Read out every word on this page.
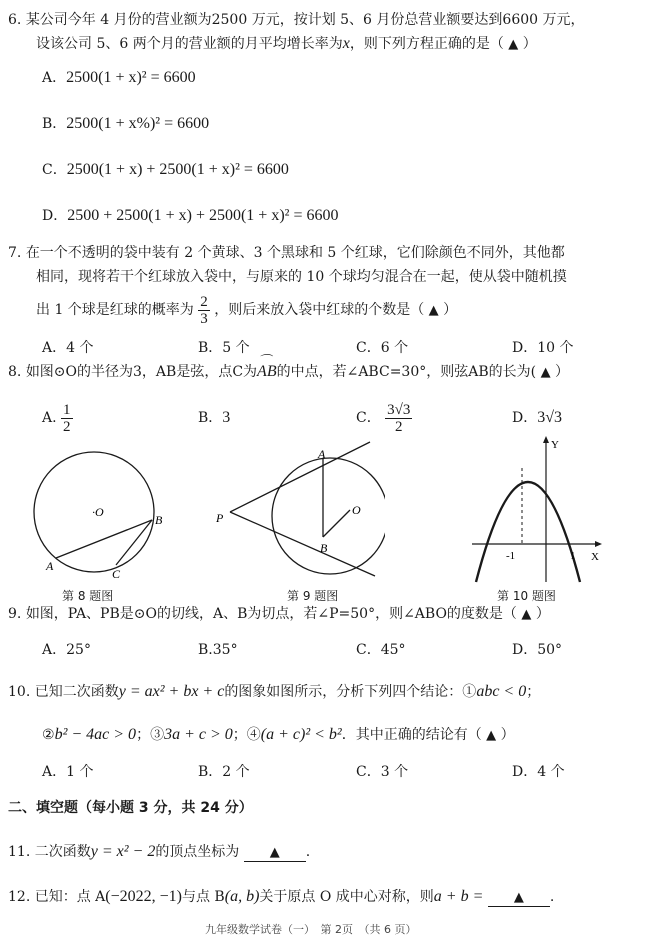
6. 某公司今年 4 月份的营业额为2500 万元，按计划 5、6 月份总营业额要达到6600 万元，
设该公司 5、6 两个月的营业额的月平均增长率为x，则下列方程正确的是（ ▲ ）
A．2500(1 + x)² = 6600
B．2500(1 + x%)² = 6600
C．2500(1 + x) + 2500(1 + x)² = 6600
D．2500 + 2500(1 + x) + 2500(1 + x)² = 6600
7. 在一个不透明的袋中装有 2 个黄球、3 个黑球和 5 个红球，它们除颜色不同外，其他都
相同，现将若干个红球放入袋中，与原来的 10 个球均匀混合在一起，使从袋中随机摸
出 1 个球是红球的概率为 $\frac{2}{3}$ ，则后来放入袋中红球的个数是（ ▲ ）
A．4 个	B．5 个	C．6 个	D．10 个
8. 如图⊙O的半径为3，AB是弦，点C为⌒ AB的中点，若∠ABC=30°，则弦AB的长为( ▲ ）
A. $\frac{1}{2}$	B．3	C． $\frac{3√3}{2}$	D．3√3
·O
A
B
C
第 8 题图
P
A
B
O
第 9 题图
Y
X
-1	1
第 10 题图
9. 如图，PA、PB是⊙O的切线，A、B为切点，若∠P=50°，则∠ABO的度数是（ ▲ ）
A．25°	B.35°	C．45°	D．50°
10. 已知二次函数y = ax² + bx + c的图象如图所示，分析下列四个结论：①abc < 0；
②b² − 4ac > 0；③3a + c > 0；④(a + c)² < b²．其中正确的结论有（ ▲ ）
A．1 个	B．2 个	C．3 个	D．4 个
二、填空题（每小题 3 分，共 24 分）
11. 二次函数y = x² − 2的顶点坐标为 ▲ .
12. 已知：点 A(−2022, −1)与点 B(a, b)关于原点 O 成中心对称，则a + b = ▲ .
九年级数学试卷（一）　第 2页　（共 6 页）
